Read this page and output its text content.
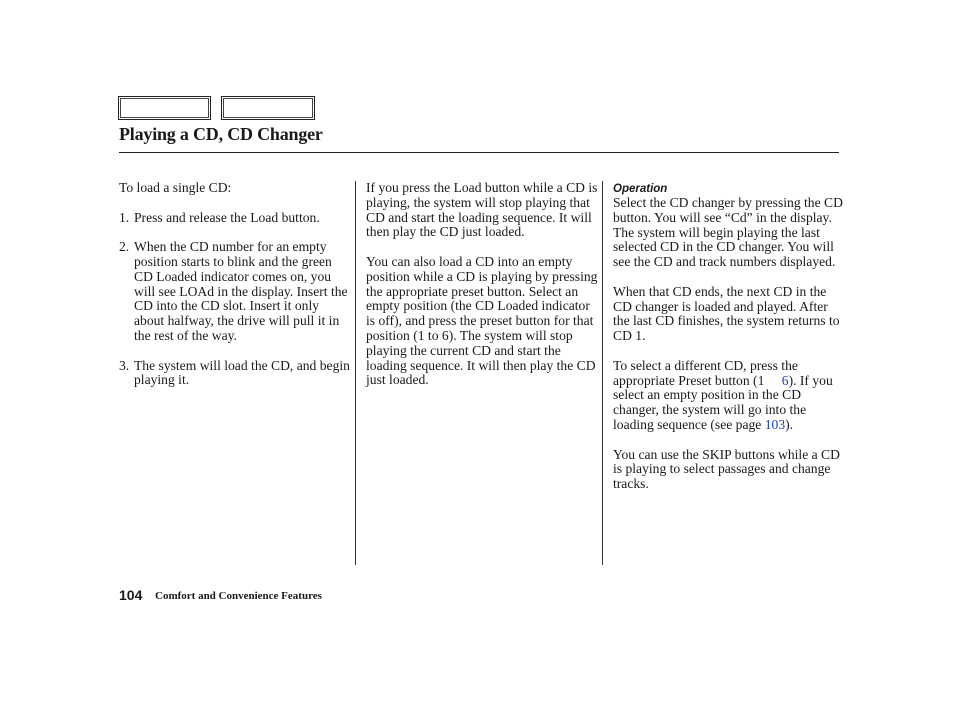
Playing a CD, CD Changer
To load a single CD:
1. Press and release the Load button.
2. When the CD number for an empty position starts to blink and the green CD Loaded indicator comes on, you will see LOAd in the display. Insert the CD into the CD slot. Insert it only about halfway, the drive will pull it in the rest of the way.
3. The system will load the CD, and begin playing it.
If you press the Load button while a CD is playing, the system will stop playing that CD and start the loading sequence. It will then play the CD just loaded.
You can also load a CD into an empty position while a CD is playing by pressing the appropriate preset button. Select an empty position (the CD Loaded indicator is off), and press the preset button for that position (1 to 6). The system will stop playing the current CD and start the loading sequence. It will then play the CD just loaded.
Operation
Select the CD changer by pressing the CD button. You will see “Cd” in the display. The system will begin playing the last selected CD in the CD changer. You will see the CD and track numbers displayed.
When that CD ends, the next CD in the CD changer is loaded and played. After the last CD finishes, the system returns to CD 1.
To select a different CD, press the appropriate Preset button (1 6). If you select an empty position in the CD changer, the system will go into the loading sequence (see page 103).
You can use the SKIP buttons while a CD is playing to select passages and change tracks.
104 Comfort and Convenience Features
